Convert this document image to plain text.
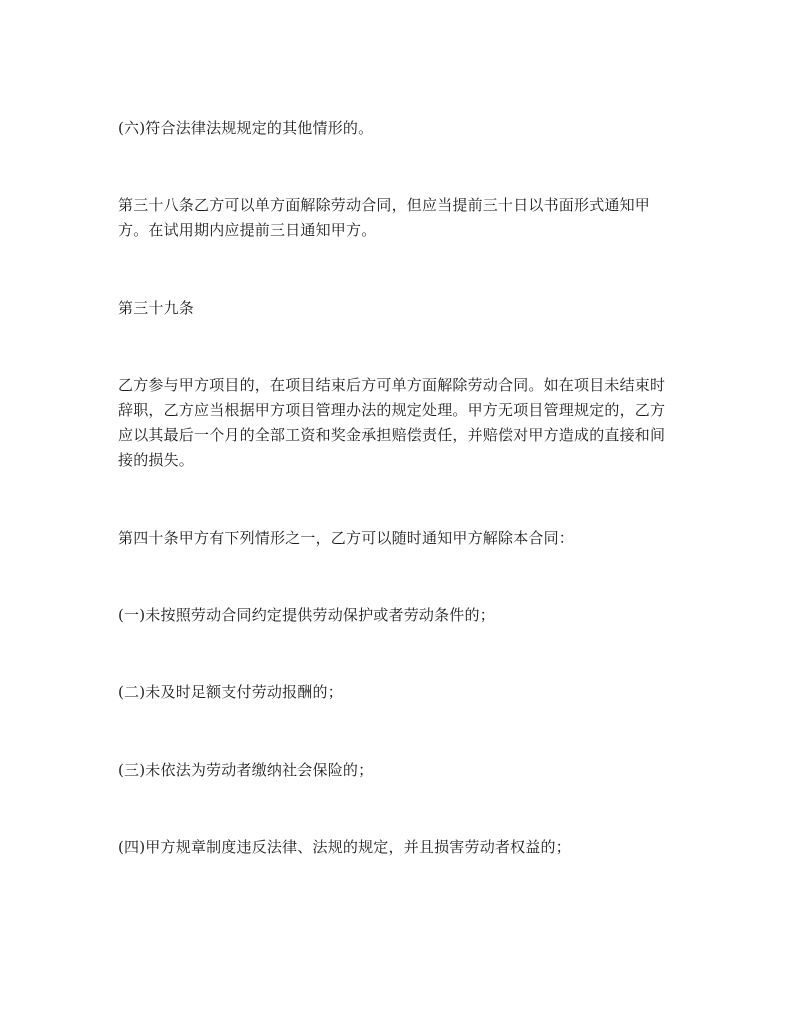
(六)符合法律法规规定的其他情形的。

第三十八条乙方可以单方面解除劳动合同，但应当提前三十日以书面形式通知甲
方。在试用期内应提前三日通知甲方。

第三十九条

乙方参与甲方项目的，在项目结束后方可单方面解除劳动合同。如在项目未结束时
辞职，乙方应当根据甲方项目管理办法的规定处理。甲方无项目管理规定的，乙方
应以其最后一个月的全部工资和奖金承担赔偿责任，并赔偿对甲方造成的直接和间
接的损失。

第四十条甲方有下列情形之一，乙方可以随时通知甲方解除本合同：

(一)未按照劳动合同约定提供劳动保护或者劳动条件的；

(二)未及时足额支付劳动报酬的；

(三)未依法为劳动者缴纳社会保险的；

(四)甲方规章制度违反法律、法规的规定，并且损害劳动者权益的；
